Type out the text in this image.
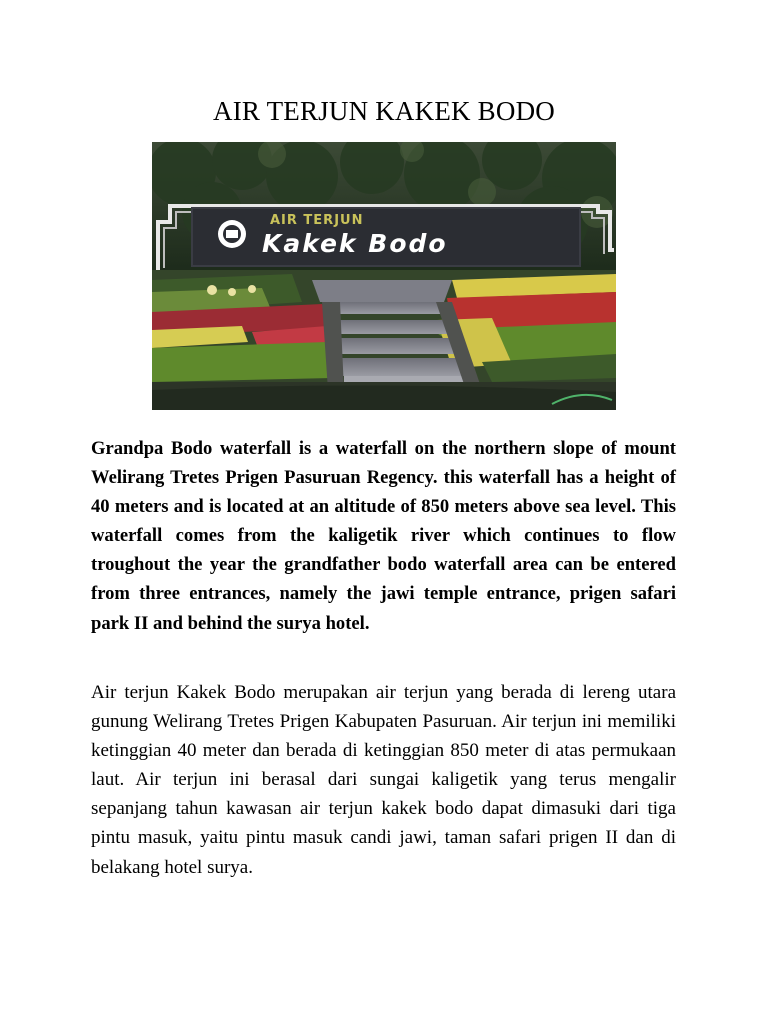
AIR TERJUN KAKEK BODO
AIR TERJUN
Kakek Bodo

Grandpa Bodo waterfall is a waterfall on the northern slope of mount Welirang Tretes Prigen Pasuruan Regency. this waterfall has a height of 40 meters and is located at an altitude of 850 meters above sea level. This waterfall comes from the kaligetik river which continues to flow troughout the year the grandfather bodo waterfall area can be entered from three entrances, namely the jawi temple entrance, prigen safari park II and behind the surya hotel.

Air terjun Kakek Bodo merupakan air terjun yang berada di lereng utara gunung Welirang Tretes Prigen Kabupaten Pasuruan. Air terjun ini memiliki ketinggian 40 meter dan berada di ketinggian 850 meter di atas permukaan laut. Air terjun ini berasal dari sungai kaligetik yang terus mengalir sepanjang tahun kawasan air terjun kakek bodo dapat dimasuki dari tiga pintu masuk, yaitu pintu masuk candi jawi, taman safari prigen II dan di belakang hotel surya.
